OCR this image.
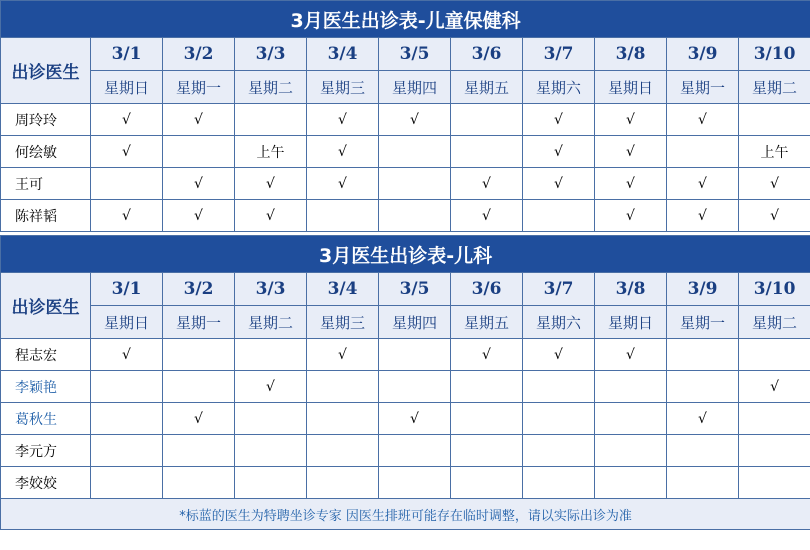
3月医生出诊表-儿童保健科										
出诊医生	3/1	3/2	3/3	3/4	3/5	3/6	3/7	3/8	3/9	3/10
	星期日	星期一	星期二	星期三	星期四	星期五	星期六	星期日	星期一	星期二
周玲玲	√	√		√	√		√	√	√	
何绘敏	√		上午	√			√	√		上午
王可		√	√	√		√	√	√	√	√
陈祥韬	√	√	√			√		√	√	√

3月医生出诊表-儿科										
出诊医生	3/1	3/2	3/3	3/4	3/5	3/6	3/7	3/8	3/9	3/10
	星期日	星期一	星期二	星期三	星期四	星期五	星期六	星期日	星期一	星期二
程志宏	√			√		√	√	√		
李颖艳			√							√
葛秋生		√			√				√	
李元方										
李姣姣										
*标蓝的医生为特聘坐诊专家 因医生排班可能存在临时调整，请以实际出诊为准										
